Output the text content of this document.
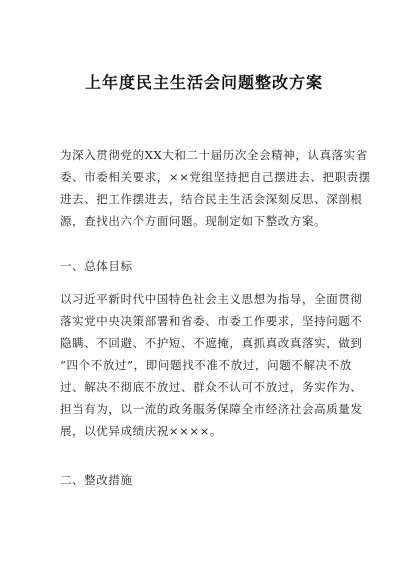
上年度民主生活会问题整改方案
为深入贯彻党的XX大和二十届历次全会精神，认真落实省
委、市委相关要求，××党组坚持把自己摆进去、把职责摆
进去、把工作摆进去，结合民主生活会深刻反思、深剖根
源，查找出六个方面问题。现制定如下整改方案。
一、总体目标
以习近平新时代中国特色社会主义思想为指导，全面贯彻
落实党中央决策部署和省委、市委工作要求，坚持问题不
隐瞒、不回避、不护短、不遮掩，真抓真改真落实，做到
“四个不放过”，即问题找不准不放过，问题不解决不放
过、解决不彻底不放过、群众不认可不放过，务实作为、
担当有为，以一流的政务服务保障全市经济社会高质量发
展，以优异成绩庆祝××××。
二、整改措施
